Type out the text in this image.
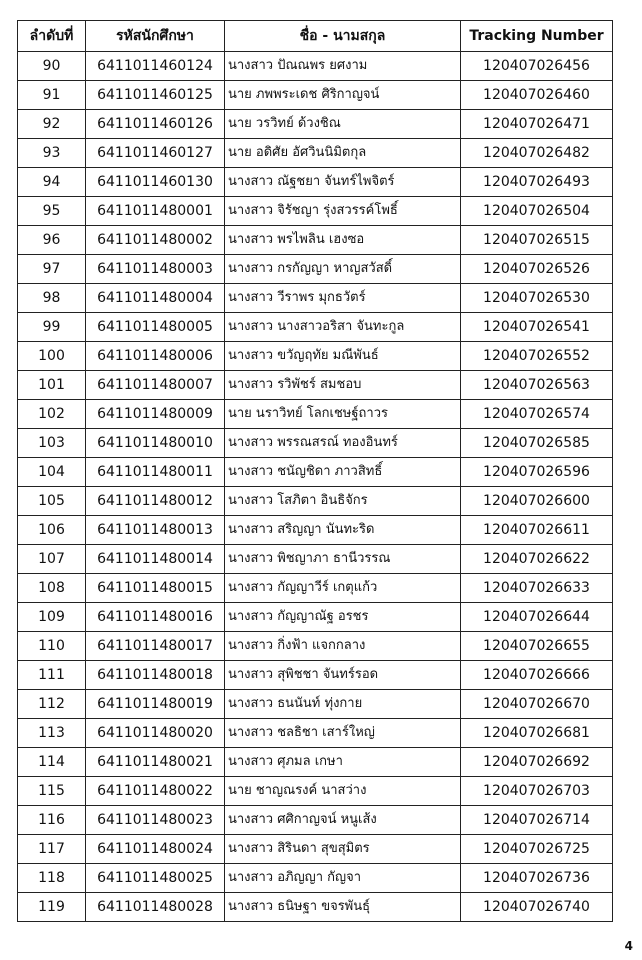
ลำดับที่	รหัสนักศึกษา	ชื่อ - นามสกุล	Tracking Number
90	6411011460124	นางสาว ปัณณพร ยศงาม	120407026456
91	6411011460125	นาย ภพพระเดช ศิริกาญจน์	120407026460
92	6411011460126	นาย วรวิทย์ ด้วงชิณ	120407026471
93	6411011460127	นาย อดิศัย อัศวินนิมิตกุล	120407026482
94	6411011460130	นางสาว ณัฐชยา จันทร์ไพจิตร์	120407026493
95	6411011480001	นางสาว จิรัชญา รุ่งสวรรค์โพธิ์	120407026504
96	6411011480002	นางสาว พรไพลิน เฮงซอ	120407026515
97	6411011480003	นางสาว กรกัญญา หาญสวัสดิ์	120407026526
98	6411011480004	นางสาว วีราพร มุกธวัตร์	120407026530
99	6411011480005	นางสาว นางสาวอริสา จันทะกูล	120407026541
100	6411011480006	นางสาว ขวัญฤทัย มณีพันธ์	120407026552
101	6411011480007	นางสาว รวิพัชร์ สมชอบ	120407026563
102	6411011480009	นาย นราวิทย์ โลกเชษฐ์ถาวร	120407026574
103	6411011480010	นางสาว พรรณสรณ์ ทองอินทร์	120407026585
104	6411011480011	นางสาว ชนัญชิดา ภาวสิทธิ์	120407026596
105	6411011480012	นางสาว โสภิตา อินธิจักร	120407026600
106	6411011480013	นางสาว สริญญา นันทะริด	120407026611
107	6411011480014	นางสาว พิชญาภา ธานีวรรณ	120407026622
108	6411011480015	นางสาว กัญญาวีร์ เกตุแก้ว	120407026633
109	6411011480016	นางสาว กัญญาณัฐ อรชร	120407026644
110	6411011480017	นางสาว กิ่งฟ้า แจกกลาง	120407026655
111	6411011480018	นางสาว สุพิชชา จันทร์รอด	120407026666
112	6411011480019	นางสาว ธนนันท์ ทุ่งกาย	120407026670
113	6411011480020	นางสาว ชลธิชา เสาร์ใหญ่	120407026681
114	6411011480021	นางสาว ศุภมล เกษา	120407026692
115	6411011480022	นาย ชาญณรงค์ นาสว่าง	120407026703
116	6411011480023	นางสาว ศศิกาญจน์ หนูเส้ง	120407026714
117	6411011480024	นางสาว สิรินดา สุขสุมิตร	120407026725
118	6411011480025	นางสาว อภิญญา กัญจา	120407026736
119	6411011480028	นางสาว ธนิษฐา ขจรพันธุ์	120407026740
4
